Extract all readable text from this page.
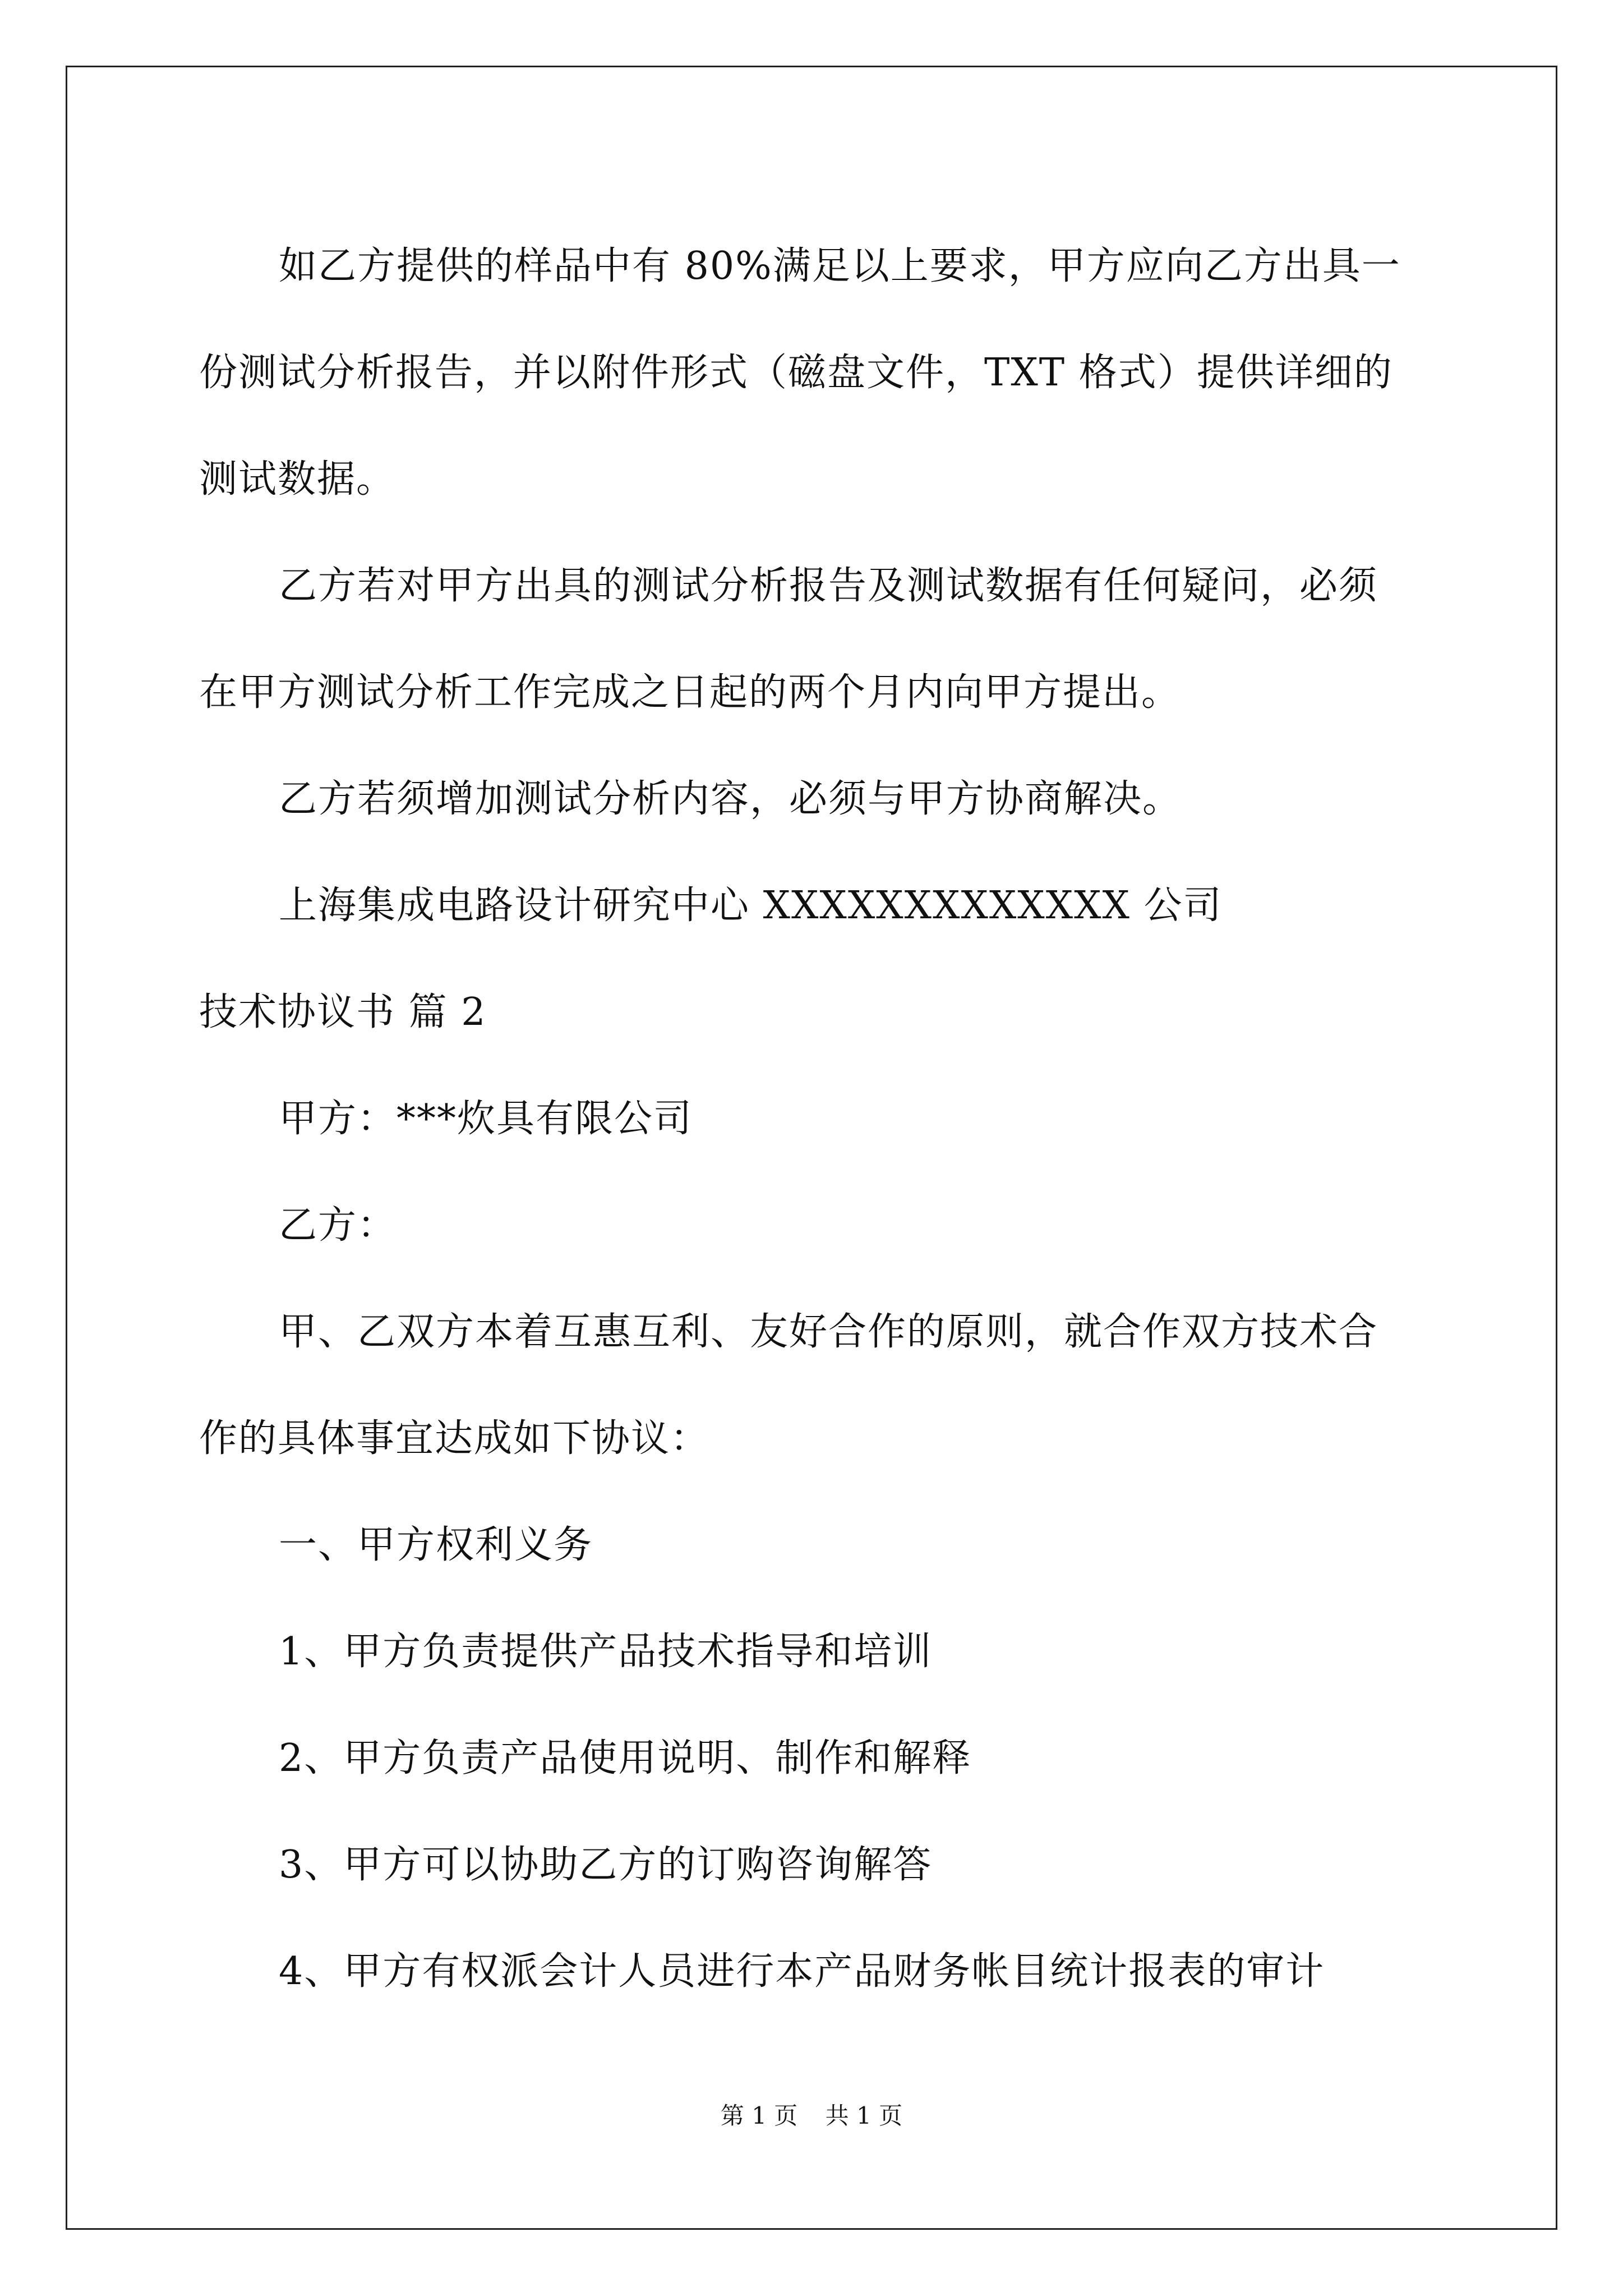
如乙方提供的样品中有 80%满足以上要求，甲方应向乙方出具一
份测试分析报告，并以附件形式（磁盘文件，TXT 格式）提供详细的
测试数据。
乙方若对甲方出具的测试分析报告及测试数据有任何疑问，必须
在甲方测试分析工作完成之日起的两个月内向甲方提出。
乙方若须增加测试分析内容，必须与甲方协商解决。
上海集成电路设计研究中心 XXXXXXXXXXXXX 公司
技术协议书 篇 2
甲方：***炊具有限公司
乙方：
甲、乙双方本着互惠互利、友好合作的原则，就合作双方技术合
作的具体事宜达成如下协议：
一、甲方权利义务
1、甲方负责提供产品技术指导和培训
2、甲方负责产品使用说明、制作和解释
3、甲方可以协助乙方的订购咨询解答
4、甲方有权派会计人员进行本产品财务帐目统计报表的审计
第 1 页 共 1 页
